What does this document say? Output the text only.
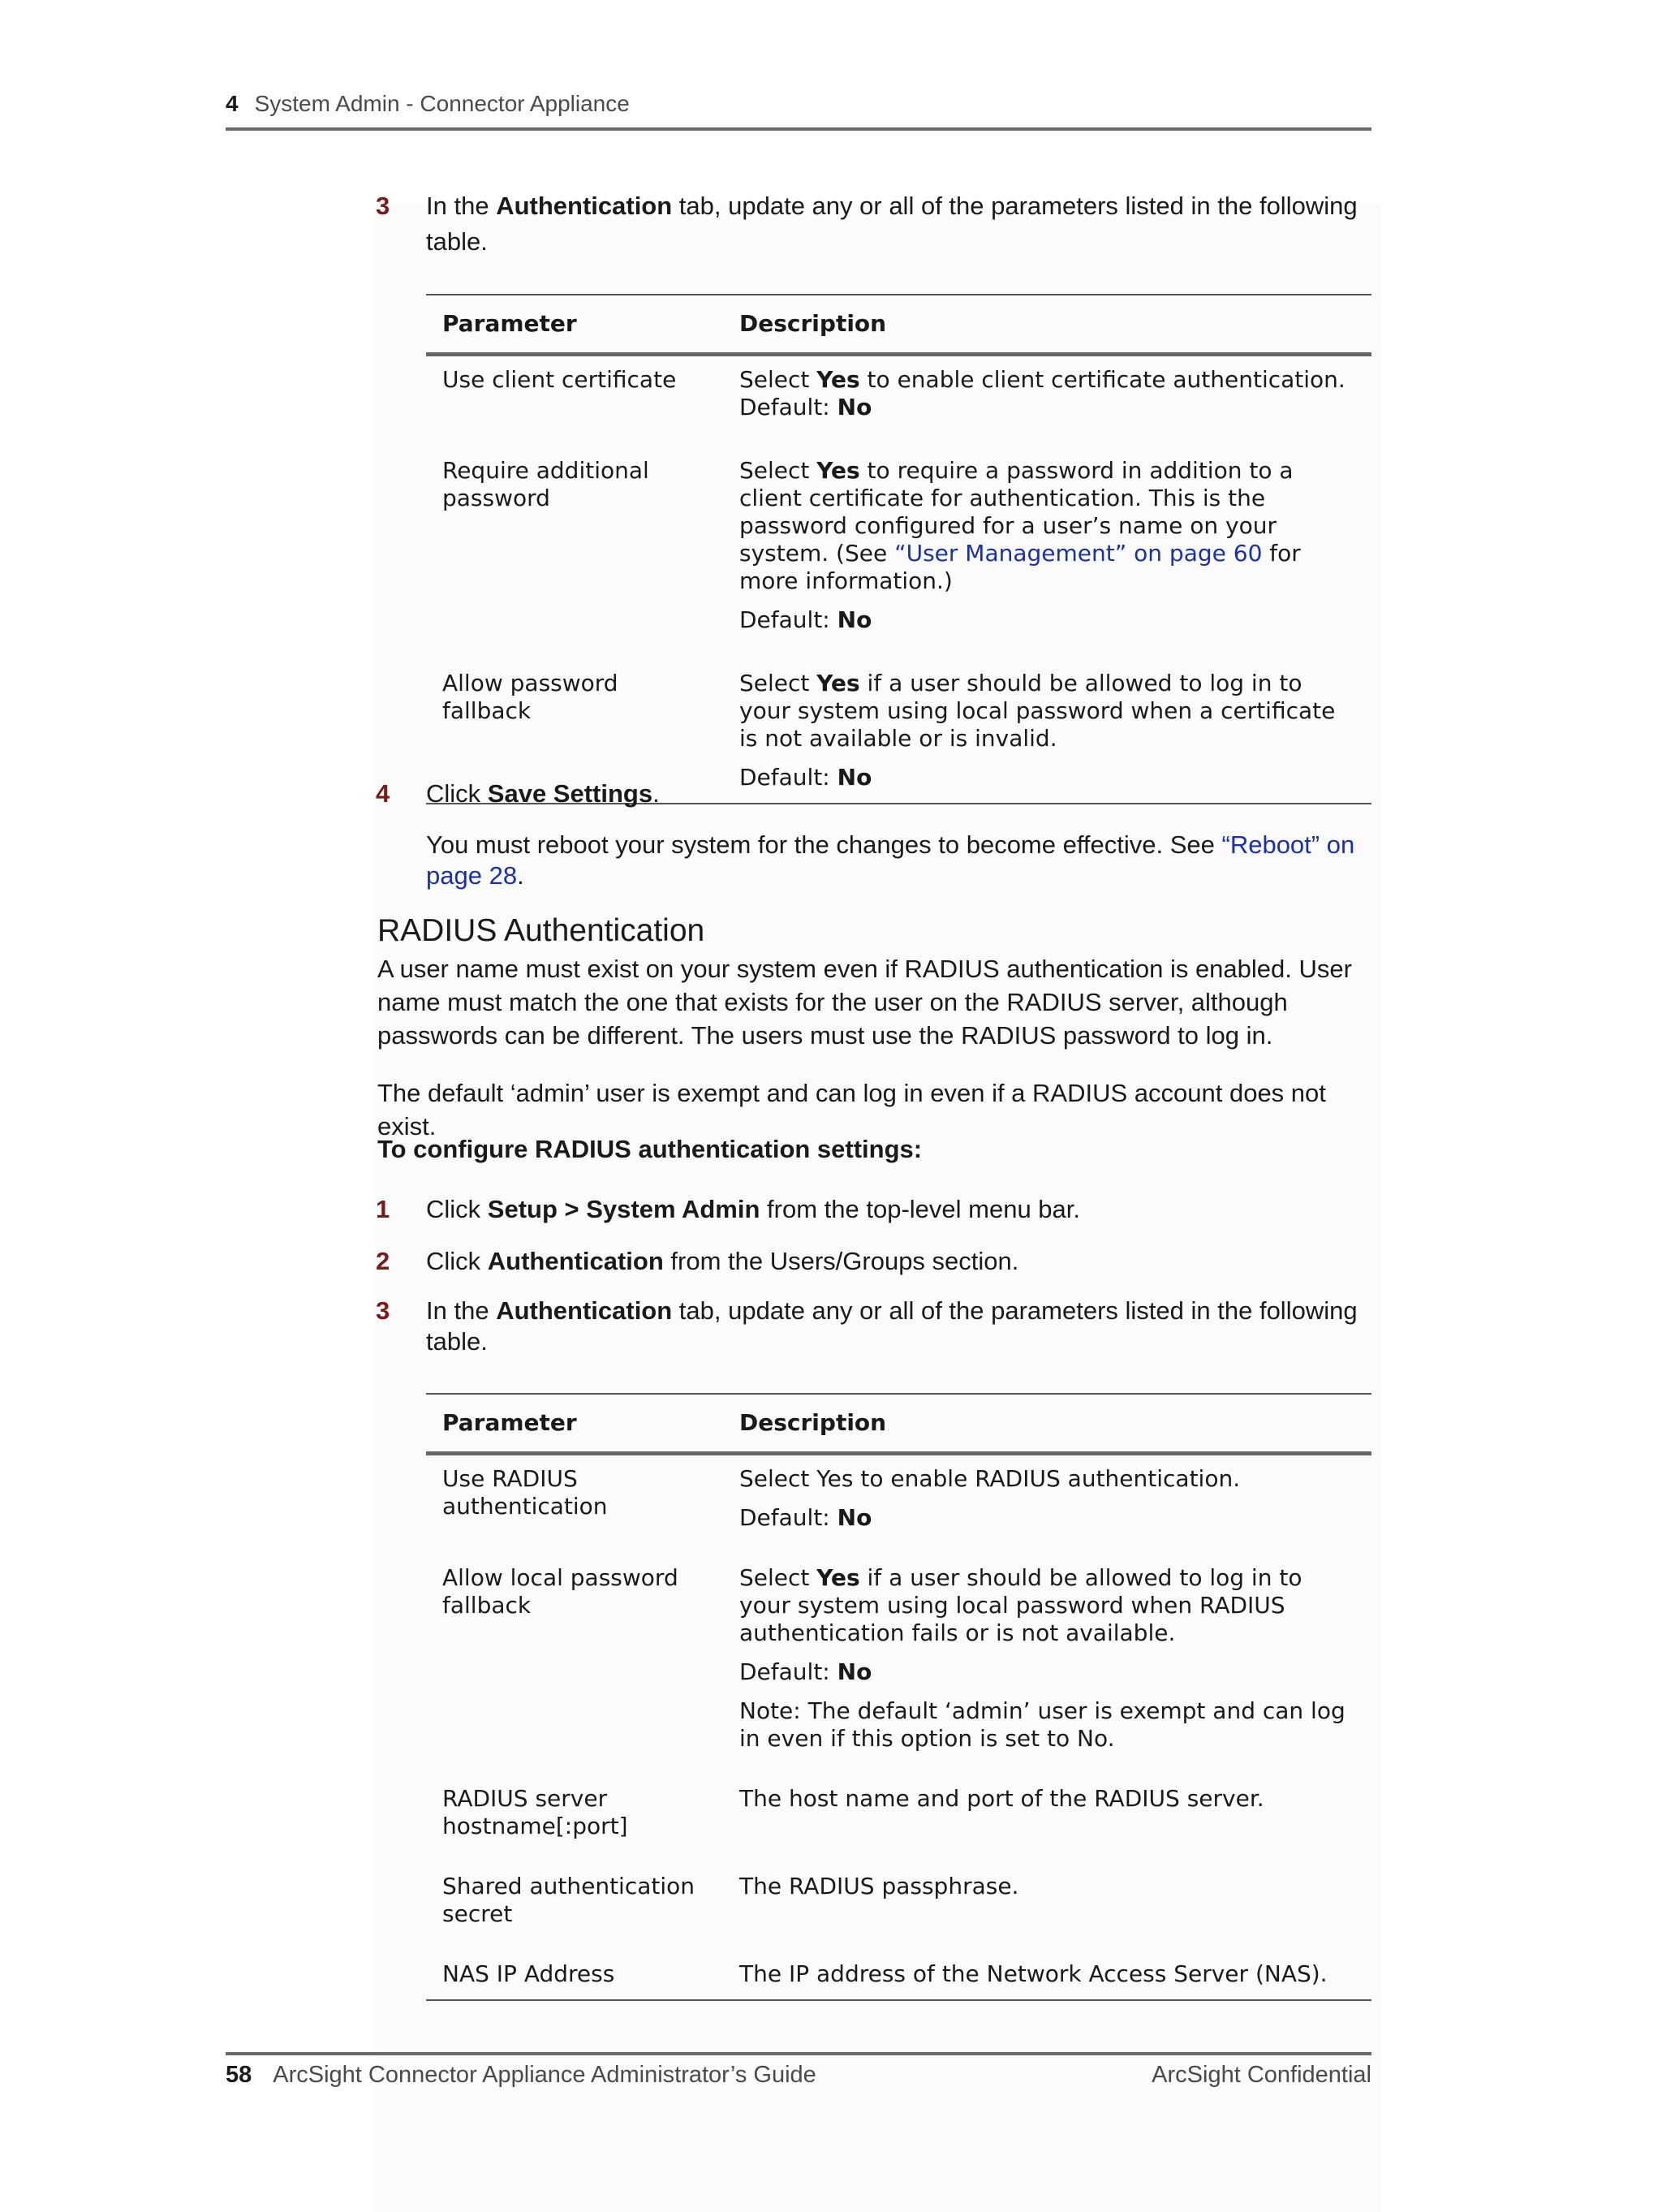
4 System Admin - Connector Appliance
3 In the Authentication tab, update any or all of the parameters listed in the following table.
Parameter	Description
Use client certificate	Select Yes to enable client certificate authentication.
Default: No

Require additional password	Select Yes to require a password in addition to a client certificate for authentication. This is the password configured for a user’s name on your system. (See “User Management” on page 60 for more information.)

Default: No

Allow password fallback	Select Yes if a user should be allowed to log in to your system using local password when a certificate is not available or is invalid.

Default: No

4 Click Save Settings.
You must reboot your system for the changes to become effective. See “Reboot” on page 28.
RADIUS Authentication
A user name must exist on your system even if RADIUS authentication is enabled. User name must match the one that exists for the user on the RADIUS server, although passwords can be different. The users must use the RADIUS password to log in.
The default ‘admin’ user is exempt and can log in even if a RADIUS account does not exist.
To configure RADIUS authentication settings:
1 Click Setup > System Admin from the top-level menu bar.
2 Click Authentication from the Users/Groups section.
3 In the Authentication tab, update any or all of the parameters listed in the following table.
Parameter	Description
Use RADIUS authentication	Select Yes to enable RADIUS authentication.

Default: No

Allow local password fallback	Select Yes if a user should be allowed to log in to your system using local password when RADIUS authentication fails or is not available.

Default: No

Note: The default ‘admin’ user is exempt and can log in even if this option is set to No.

RADIUS server hostname[:port]	The host name and port of the RADIUS server.
Shared authentication secret	The RADIUS passphrase.
NAS IP Address	The IP address of the Network Access Server (NAS).
58 ArcSight Connector Appliance Administrator’s Guide	ArcSight Confidential
